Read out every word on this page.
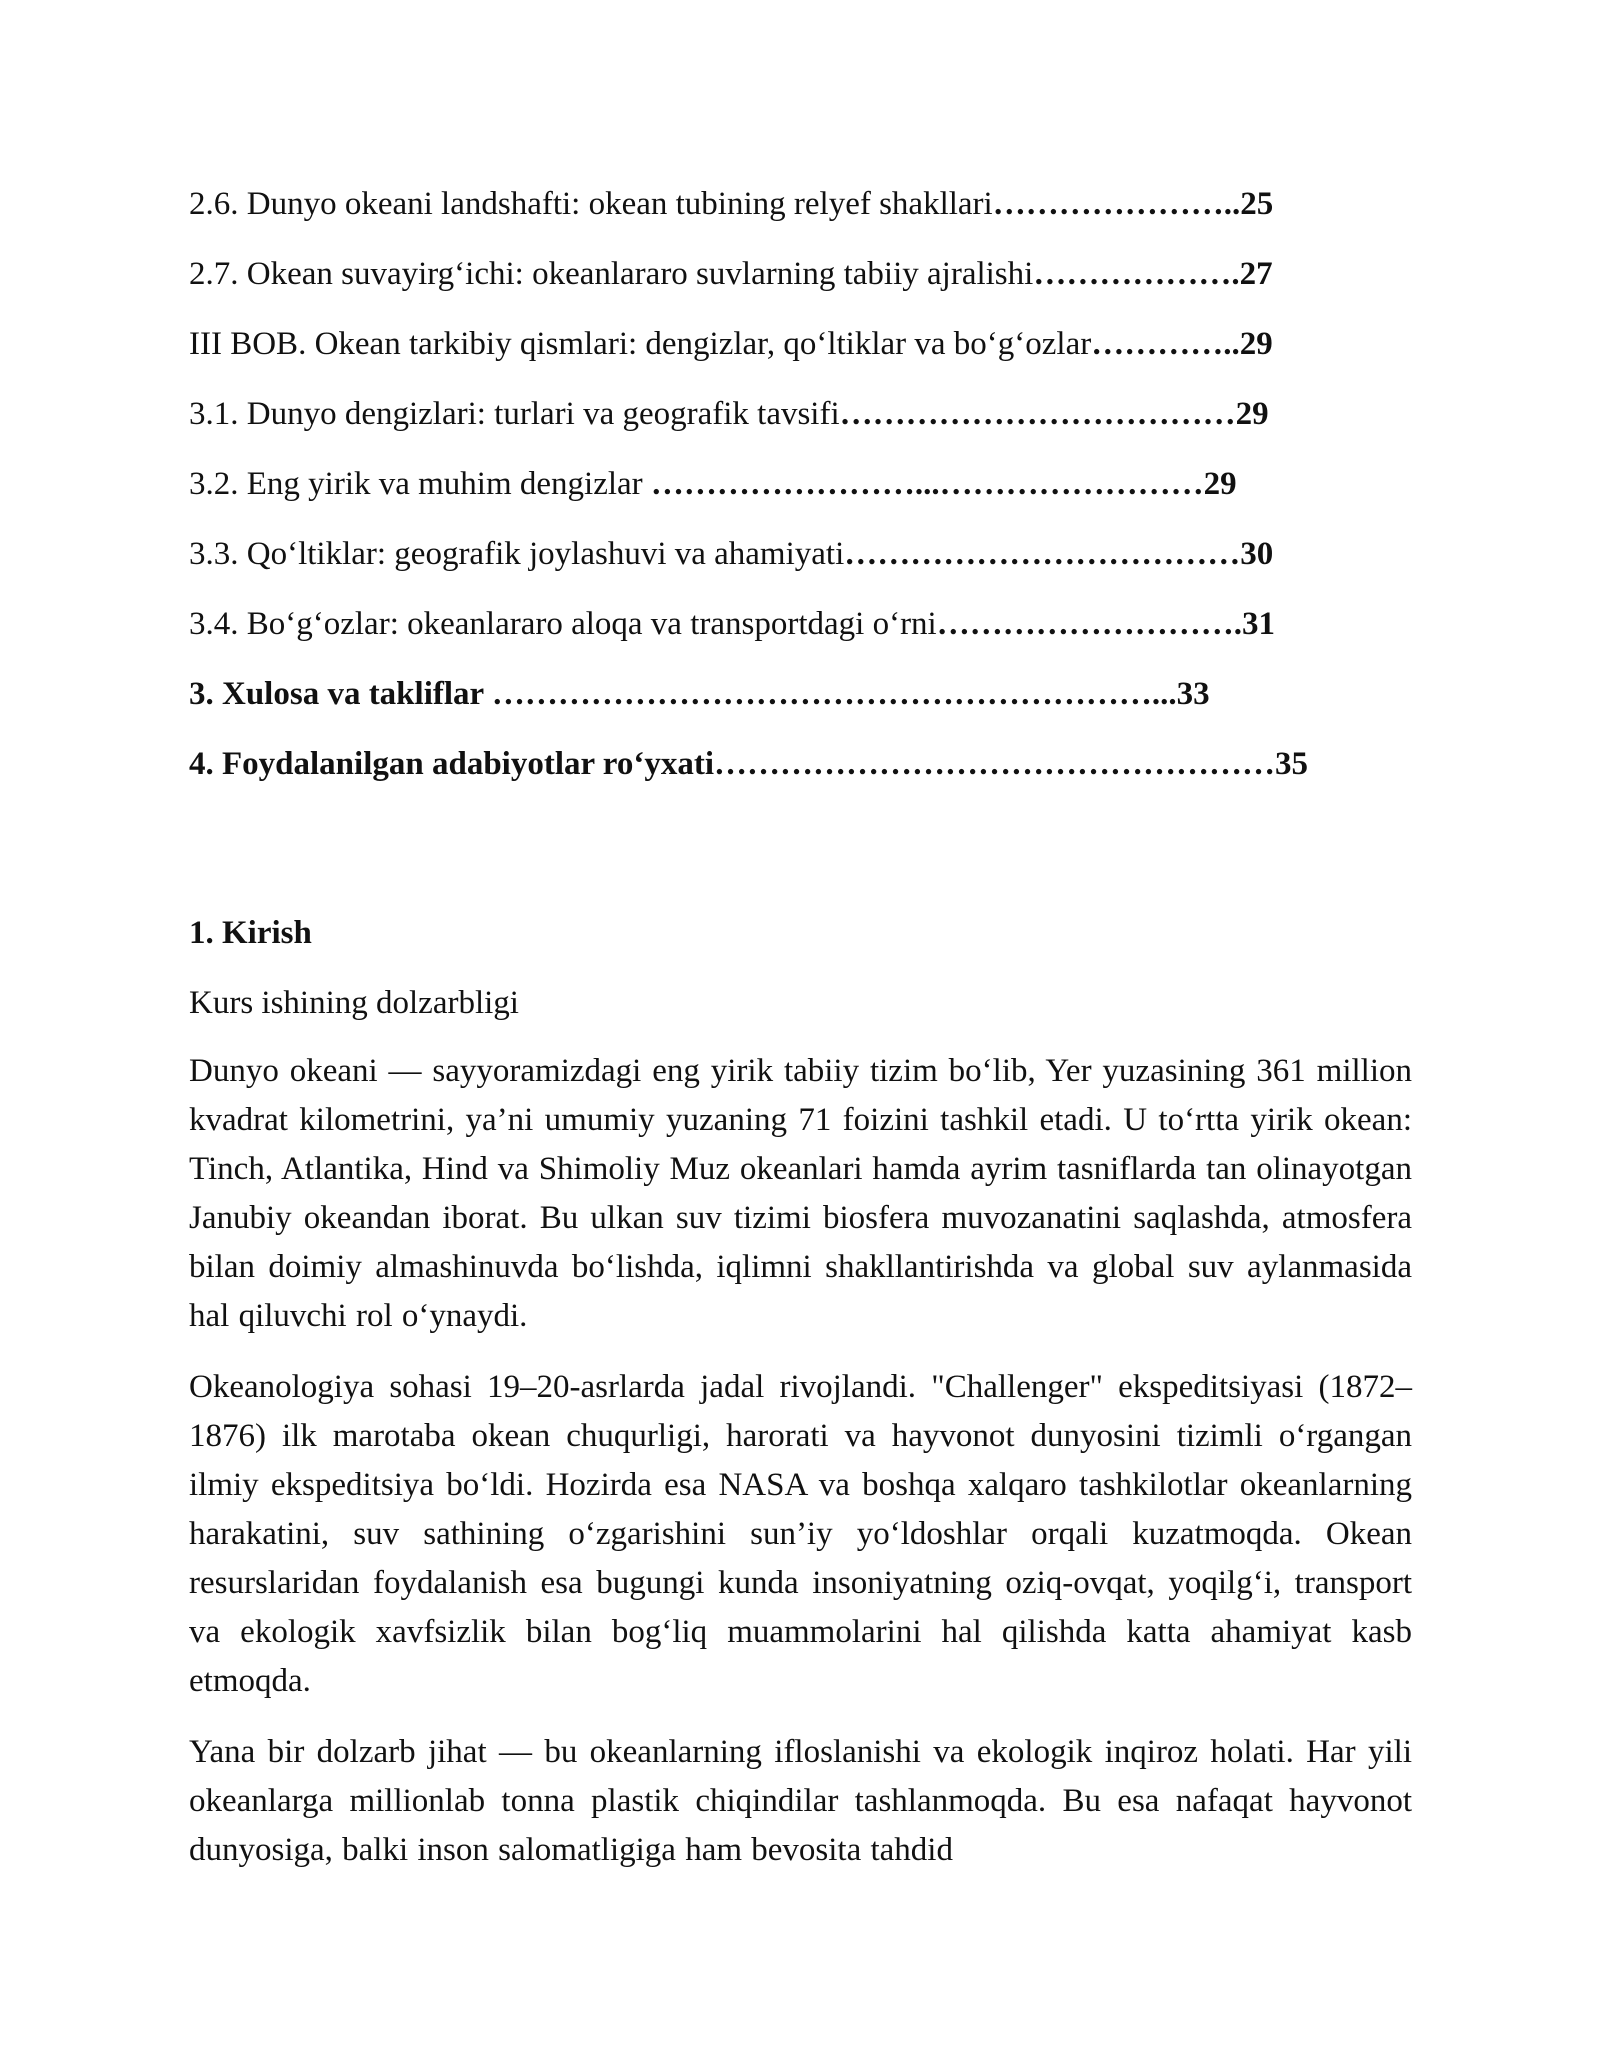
2.6. Dunyo okeani landshafti: okean tubining relyef shakllari…………………..25
2.7. Okean suvayirg‘ichi: okeanlararo suvlarning tabiiy ajralishi……………….27
III BOB. Okean tarkibiy qismlari: dengizlar, qo‘ltiklar va bo‘g‘ozlar…………..29
3.1. Dunyo dengizlari: turlari va geografik tavsifi………………………………29
3.2. Eng yirik va muhim dengizlar ……………………...……………………29
3.3. Qo‘ltiklar: geografik joylashuvi va ahamiyati………………………………30
3.4. Bo‘g‘ozlar: okeanlararo aloqa va transportdagi o‘rni……………………….31
3. Xulosa va takliflar ……………………………………………………...33
4. Foydalanilgan adabiyotlar ro‘yxati……………………………………………35
1. Kirish
Kurs ishining dolzarbligi

Dunyo okeani — sayyoramizdagi eng yirik tabiiy tizim bo‘lib, Yer yuzasining 361 million kvadrat kilometrini, ya’ni umumiy yuzaning 71 foizini tashkil etadi. U to‘rtta yirik okean: Tinch, Atlantika, Hind va Shimoliy Muz okeanlari hamda ayrim tasniflarda tan olinayotgan Janubiy okeandan iborat. Bu ulkan suv tizimi biosfera muvozanatini saqlashda, atmosfera bilan doimiy almashinuvda bo‘lishda, iqlimni shakllantirishda va global suv aylanmasida hal qiluvchi rol o‘ynaydi.

Okeanologiya sohasi 19–20-asrlarda jadal rivojlandi. "Challenger" ekspeditsiyasi (1872–1876) ilk marotaba okean chuqurligi, harorati va hayvonot dunyosini tizimli o‘rgangan ilmiy ekspeditsiya bo‘ldi. Hozirda esa NASA va boshqa xalqaro tashkilotlar okeanlarning harakatini, suv sathining o‘zgarishini sun’iy yo‘ldoshlar orqali kuzatmoqda. Okean resurslaridan foydalanish esa bugungi kunda insoniyatning oziq-ovqat, yoqilg‘i, transport va ekologik xavfsizlik bilan bog‘liq muammolarini hal qilishda katta ahamiyat kasb etmoqda.

Yana bir dolzarb jihat — bu okeanlarning ifloslanishi va ekologik inqiroz holati. Har yili okeanlarga millionlab tonna plastik chiqindilar tashlanmoqda. Bu esa nafaqat hayvonot dunyosiga, balki inson salomatligiga ham bevosita tahdid
